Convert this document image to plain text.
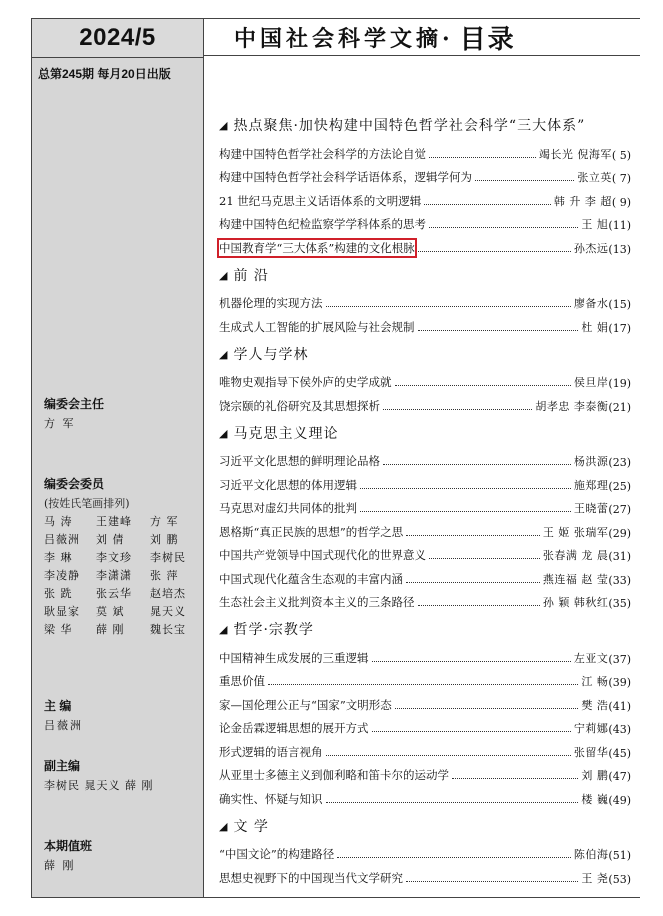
2024/5
总第245期 每月20日出版
编委会主任
方 军
编委会委员
(按姓氏笔画排列)
马 涛	王建峰	方 军
吕薇洲	刘 倩	刘 鹏
李 琳	李文珍	李树民
李凌静	李潇潇	张 萍
张 跣	张云华	赵培杰
耿显家	莫 斌	晁天义
梁 华	薛 刚	魏长宝
主 编
吕薇洲
副主编
李树民 晁天义 薛 刚
本期值班
薛 刚
中国社会科学文摘· 目录
◢ 热点聚焦·加快构建中国特色哲学社会科学“三大体系”
构建中国特色哲学社会科学的方法论自觉	竭长光 倪海军 ( 5)
构建中国特色哲学社会科学话语体系，逻辑学何为	张立英 ( 7)
21 世纪马克思主义话语体系的文明逻辑	韩 升 李 超 ( 9)
构建中国特色纪检监察学学科体系的思考	王 旭 (11)
中国教育学“三大体系”构建的文化根脉	孙杰远 (13)
◢ 前 沿
机器伦理的实现方法	廖备水 (15)
生成式人工智能的扩展风险与社会规制	杜 娟 (17)
◢ 学人与学林
唯物史观指导下侯外庐的史学成就	侯旦岸 (19)
饶宗颐的礼俗研究及其思想探析	胡孝忠 李泰衡 (21)
◢ 马克思主义理论
习近平文化思想的鲜明理论品格	杨洪源 (23)
习近平文化思想的体用逻辑	施郑理 (25)
马克思对虚幻共同体的批判	王晓蕾 (27)
恩格斯“真正民族的思想”的哲学之思	王 姬 张瑞军 (29)
中国共产党领导中国式现代化的世界意义	张春满 龙 晨 (31)
中国式现代化蕴含生态观的丰富内涵	燕连福 赵 莹 (33)
生态社会主义批判资本主义的三条路径	孙 颖 韩秋红 (35)
◢ 哲学·宗教学
中国精神生成发展的三重逻辑	左亚文 (37)
重思价值	江 畅 (39)
家—国伦理公正与“国家”文明形态	樊 浩 (41)
论金岳霖逻辑思想的展开方式	宁莉娜 (43)
形式逻辑的语言视角	张留华 (45)
从亚里士多德主义到伽利略和笛卡尔的运动学	刘 鹏 (47)
确实性、怀疑与知识	楼 巍 (49)
◢ 文 学
“中国文论”的构建路径	陈伯海 (51)
思想史视野下的中国现当代文学研究	王 尧 (53)
